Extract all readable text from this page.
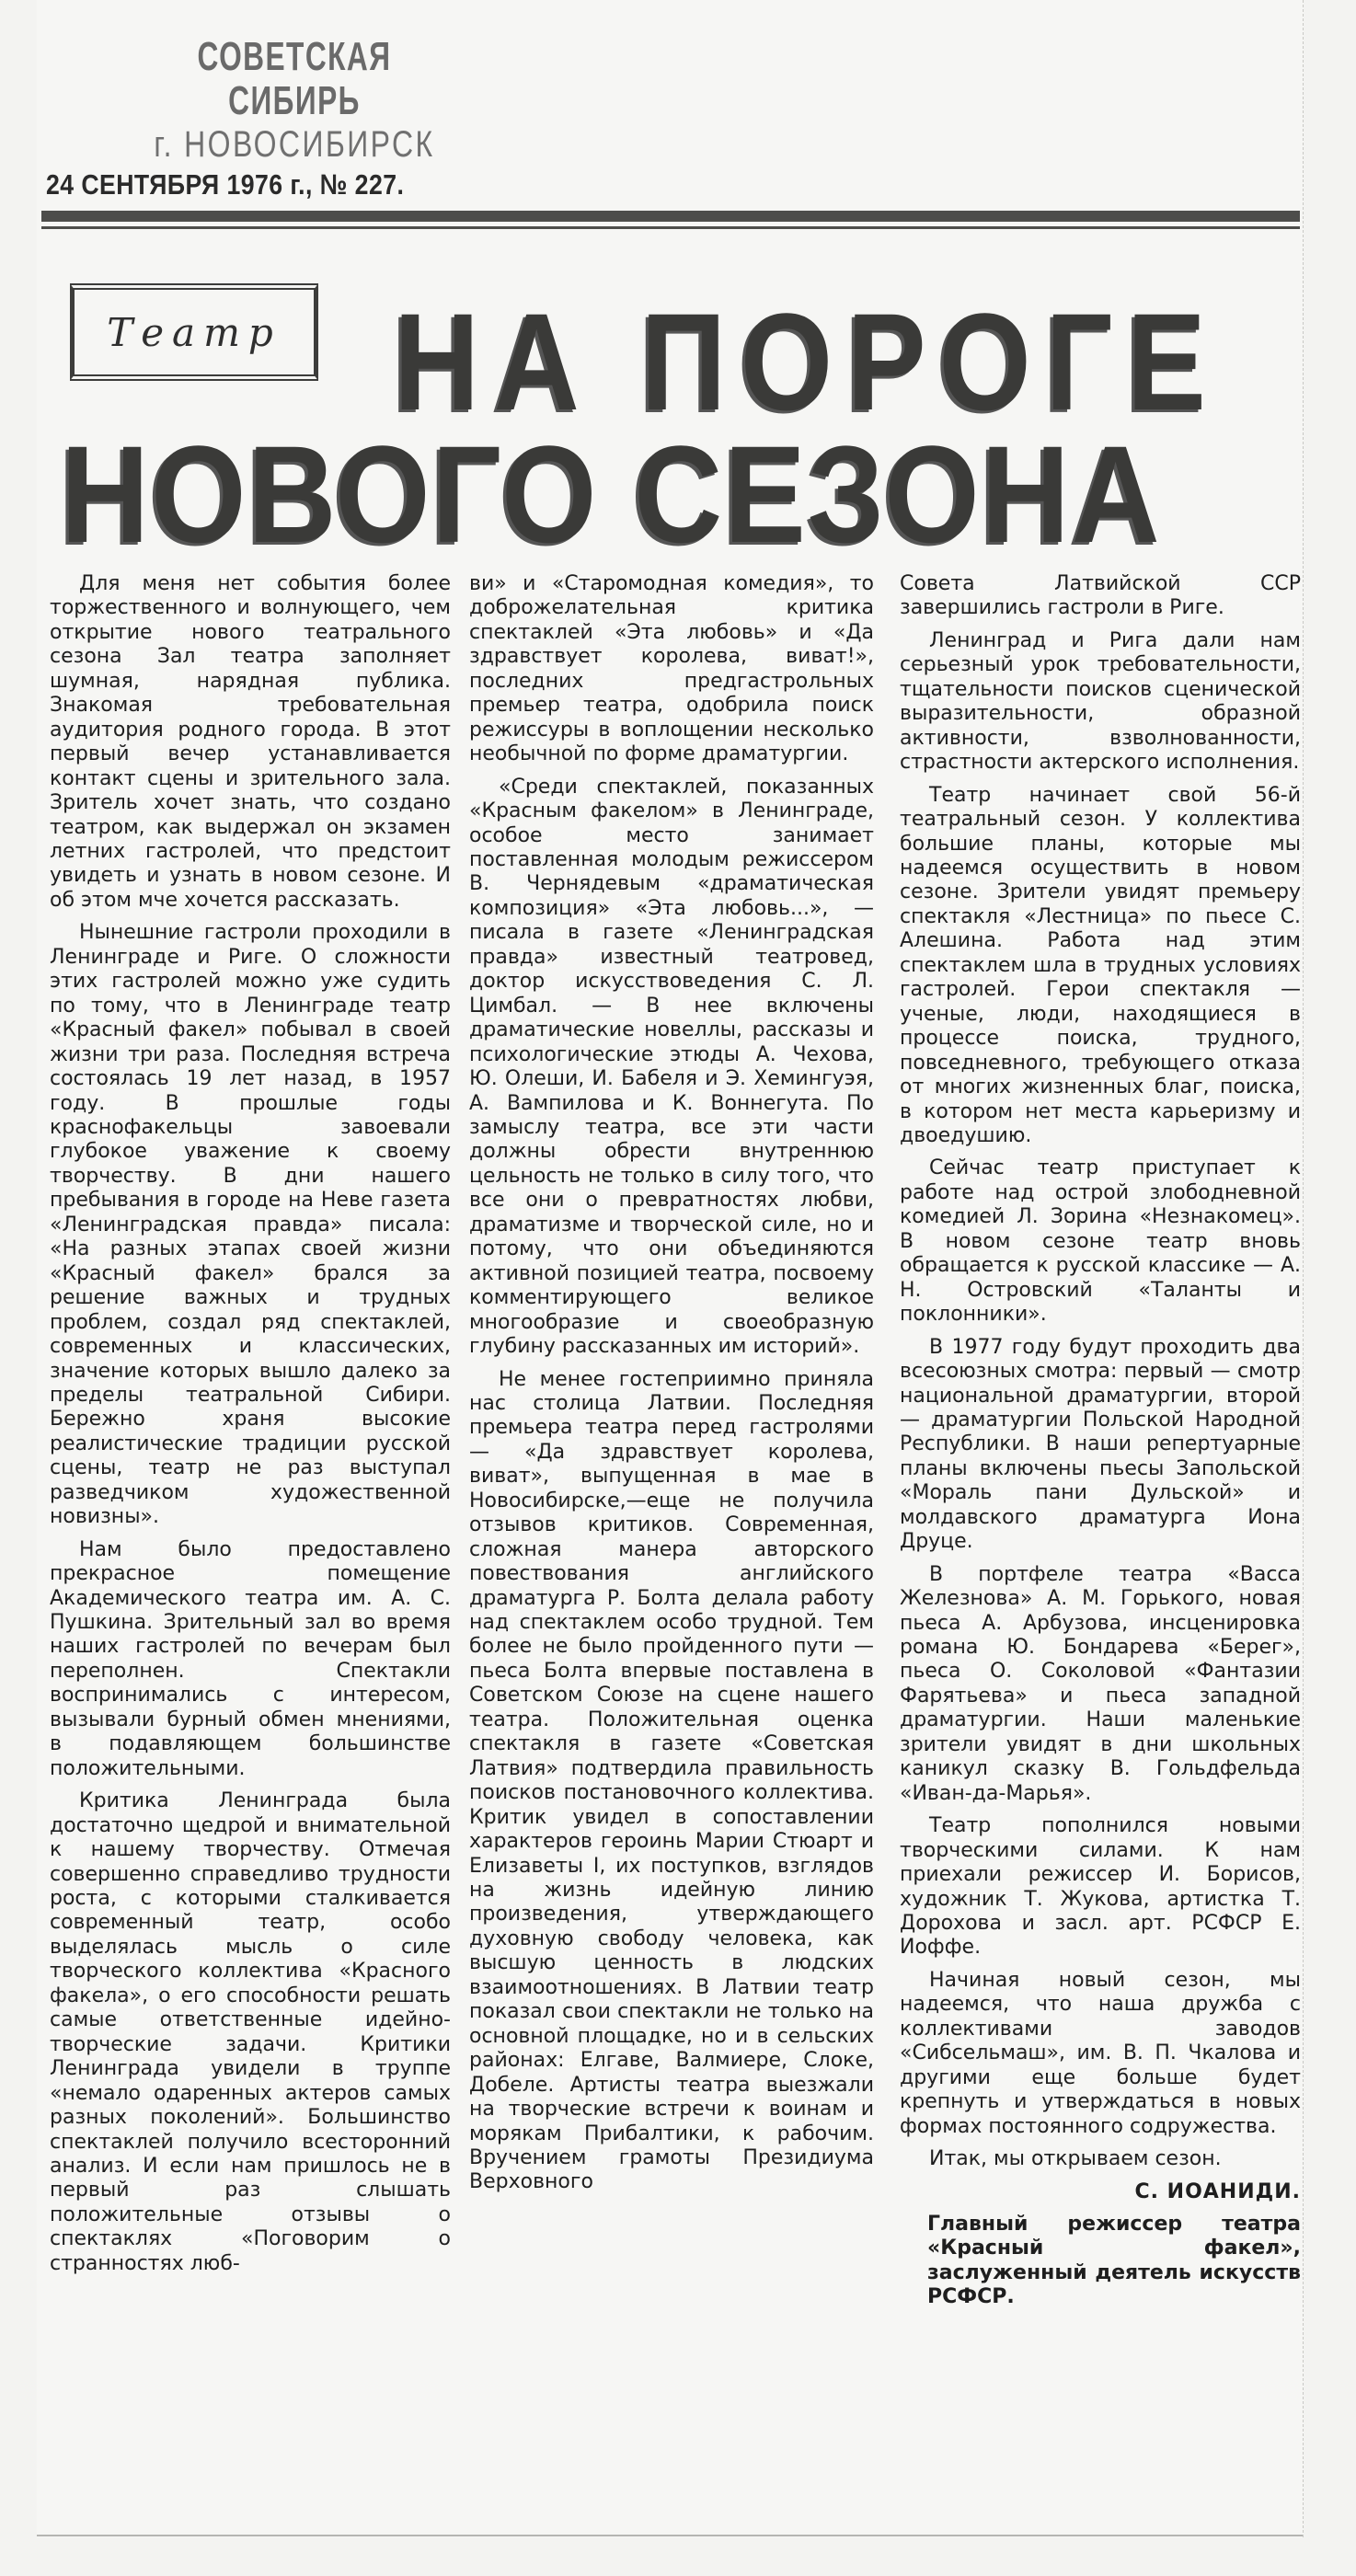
СОВЕТСКАЯ СИБИРЬ
г. НОВОСИБИРСК
24 СЕНТЯБРЯ 1976 г., № 227.
Театр НА ПОРОГЕ
НОВОГО СЕЗОНА

Для меня нет события более торжественного и волнующего, чем открытие нового театрального сезона Зал театра заполняет шумная, нарядная публика. Знакомая требовательная аудитория родного города. В этот первый вечер устанавливается контакт сцены и зрительного зала. Зритель хочет знать, что создано театром, как выдержал он экзамен летних гастролей, что предстоит увидеть и узнать в новом сезоне. И об этом мче хочется рассказать.

Нынешние гастроли проходили в Ленинграде и Риге. О сложности этих гастролей можно уже судить по тому, что в Ленинграде театр «Красный факел» побывал в своей жизни три раза. Последняя встреча состоялась 19 лет назад, в 1957 году. В прошлые годы краснофакельцы завоевали глубокое уважение к своему творчеству. В дни нашего пребывания в городе на Неве газета «Ленинградская правда» писала: «На разных этапах своей жизни «Красный факел» брался за решение важных и трудных проблем, создал ряд спектаклей, современных и классических, значение которых вышло далеко за пределы театральной Сибири. Бережно храня высокие реалистические традиции русской сцены, театр не раз выступал разведчиком художественной новизны».

Нам было предоставлено прекрасное помещение Академического театра им. А. С. Пушкина. Зрительный зал во время наших гастролей по вечерам был переполнен. Спектакли воспринимались с интересом, вызывали бурный обмен мнениями, в подавляющем большинстве положительными.

Критика Ленинграда была достаточно щедрой и внимательной к нашему творчеству. Отмечая совершенно справедливо трудности роста, с которыми сталкивается современный театр, особо выделялась мысль о силе творческого коллектива «Красного факела», о его способности решать самые ответственные идейно-творческие задачи. Критики Ленинграда увидели в труппе «немало одаренных актеров самых разных поколений». Большинство спектаклей получило всесторонний анализ. И если нам пришлось не в первый раз слышать положительные отзывы о спектаклях «Поговорим о странностях люб-

ви» и «Старомодная комедия», то доброжелательная критика спектаклей «Эта любовь» и «Да здравствует королева, виват!», последних предгастрольных премьер театра, одобрила поиск режиссуры в воплощении несколько необычной по форме драматургии.

«Среди спектаклей, показанных «Красным факелом» в Ленинграде, особое место занимает поставленная молодым режиссером В. Чернядевым «драматическая композиция» «Эта любовь...», — писала в газете «Ленинградская правда» известный театровед, доктор искусствоведения С. Л. Цимбал. — В нее включены драматические новеллы, рассказы и психологические этюды А. Чехова, Ю. Олеши, И. Бабеля и Э. Хемингуэя, А. Вампилова и К. Воннегута. По замыслу театра, все эти части должны обрести внутреннюю цельность не только в силу того, что все они о превратностях любви, драматизме и творческой силе, но и потому, что они объединяются активной позицией театра, посвоему комментирующего великое многообразие и своеобразную глубину рассказанных им историй».

Не менее гостеприимно приняла нас столица Латвии. Последняя премьера театра перед гастролями — «Да здравствует королева, виват», выпущенная в мае в Новосибирске,—еще не получила отзывов критиков. Современная, сложная манера авторского повествования английского драматурга Р. Болта делала работу над спектаклем особо трудной. Тем более не было пройденного пути — пьеса Болта впервые поставлена в Советском Союзе на сцене нашего театра. Положительная оценка спектакля в газете «Советская Латвия» подтвердила правильность поисков постановочного коллектива. Критик увидел в сопоставлении характеров героинь Марии Стюарт и Елизаветы I, их поступков, взглядов на жизнь идейную линию произведения, утверждающего духовную свободу человека, как высшую ценность в людских взаимоотношениях. В Латвии театр показал свои спектакли не только на основной площадке, но и в сельских районах: Елгаве, Валмиере, Слоке, Добеле. Артисты театра выезжали на творческие встречи к воинам и морякам Прибалтики, к рабочим. Вручением грамоты Президиума Верховного

Совета Латвийской ССР завершились гастроли в Риге.

Ленинград и Рига дали нам серьезный урок требовательности, тщательности поисков сценической выразительности, образной активности, взволнованности, страстности актерского исполнения.

Театр начинает свой 56-й театральный сезон. У коллектива большие планы, которые мы надеемся осуществить в новом сезоне. Зрители увидят премьеру спектакля «Лестница» по пьесе С. Алешина. Работа над этим спектаклем шла в трудных условиях гастролей. Герои спектакля — ученые, люди, находящиеся в процессе поиска, трудного, повседневного, требующего отказа от многих жизненных благ, поиска, в котором нет места карьеризму и двоедушию.

Сейчас театр приступает к работе над острой злободневной комедией Л. Зорина «Незнакомец». В новом сезоне театр вновь обращается к русской классике — А. Н. Островский «Таланты и поклонники».

В 1977 году будут проходить два всесоюзных смотра: первый — смотр национальной драматургии, второй — драматургии Польской Народной Республики. В наши репертуарные планы включены пьесы Запольской «Мораль пани Дульской» и молдавского драматурга Иона Друце.

В портфеле театра «Васса Железнова» А. М. Горького, новая пьеса А. Арбузова, инсценировка романа Ю. Бондарева «Берег», пьеса О. Соколовой «Фантазии Фарятьева» и пьеса западной драматургии. Наши маленькие зрители увидят в дни школьных каникул сказку В. Гольдфельда «Иван-да-Марья».

Театр пополнился новыми творческими силами. К нам приехали режиссер И. Борисов, художник Т. Жукова, артистка Т. Дорохова и засл. арт. РСФСР Е. Иоффе.

Начиная новый сезон, мы надеемся, что наша дружба с коллективами заводов «Сибсельмаш», им. В. П. Чкалова и другими еще больше будет крепнуть и утверждаться в новых формах постоянного содружества.

Итак, мы открываем сезон.

С. ИОАНИДИ.

Главный режиссер театра «Красный факел», заслуженный деятель искусств РСФСР.
